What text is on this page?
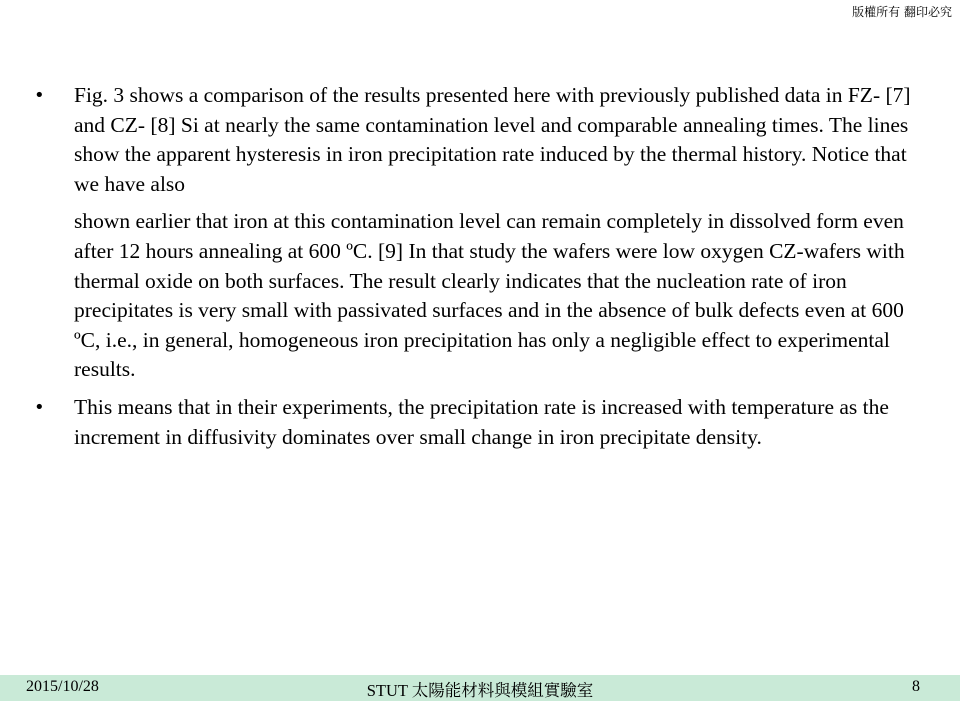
版權所有 翻印必究

• Fig. 3 shows a comparison of the results presented here with previously published data in FZ- [7] and CZ- [8] Si at nearly the same contamination level and comparable annealing times. The lines show the apparent hysteresis in iron precipitation rate induced by the thermal history. Notice that we have also

shown earlier that iron at this contamination level can remain completely in dissolved form even after 12 hours annealing at 600 ºC. [9] In that study the wafers were low oxygen CZ-wafers with thermal oxide on both surfaces. The result clearly indicates that the nucleation rate of iron precipitates is very small with passivated surfaces and in the absence of bulk defects even at 600 ºC, i.e., in general, homogeneous iron precipitation has only a negligible effect to experimental results.

• This means that in their experiments, the precipitation rate is increased with temperature as the increment in diffusivity dominates over small change in iron precipitate density.

2015/10/28	STUT 太陽能材料與模組實驗室	8
